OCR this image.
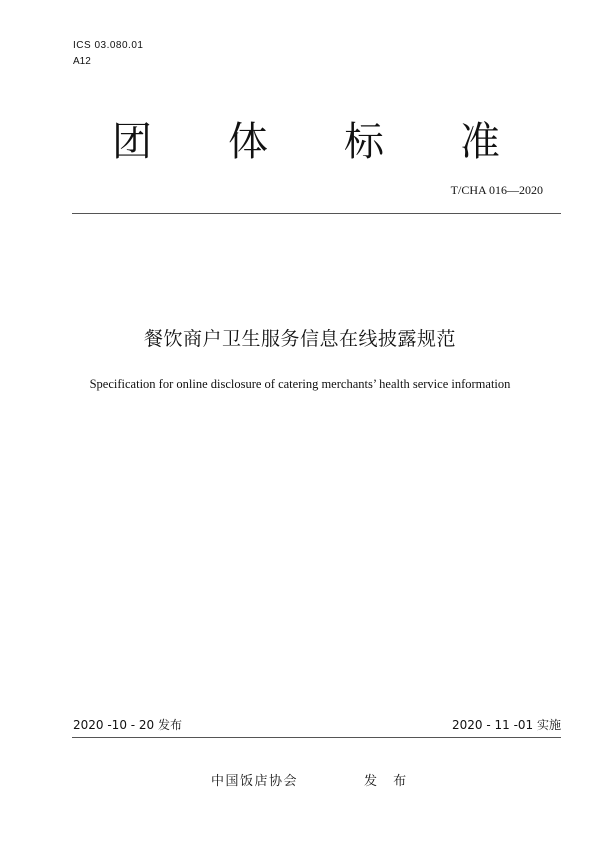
ICS 03.080.01
A12
团 体 标 准
T/CHA 016—2020
餐饮商户卫生服务信息在线披露规范
Specification for online disclosure of catering merchants’ health service information
2020 -10 - 20 发布	2020 - 11 -01 实施
中国饭店协会	发 布
